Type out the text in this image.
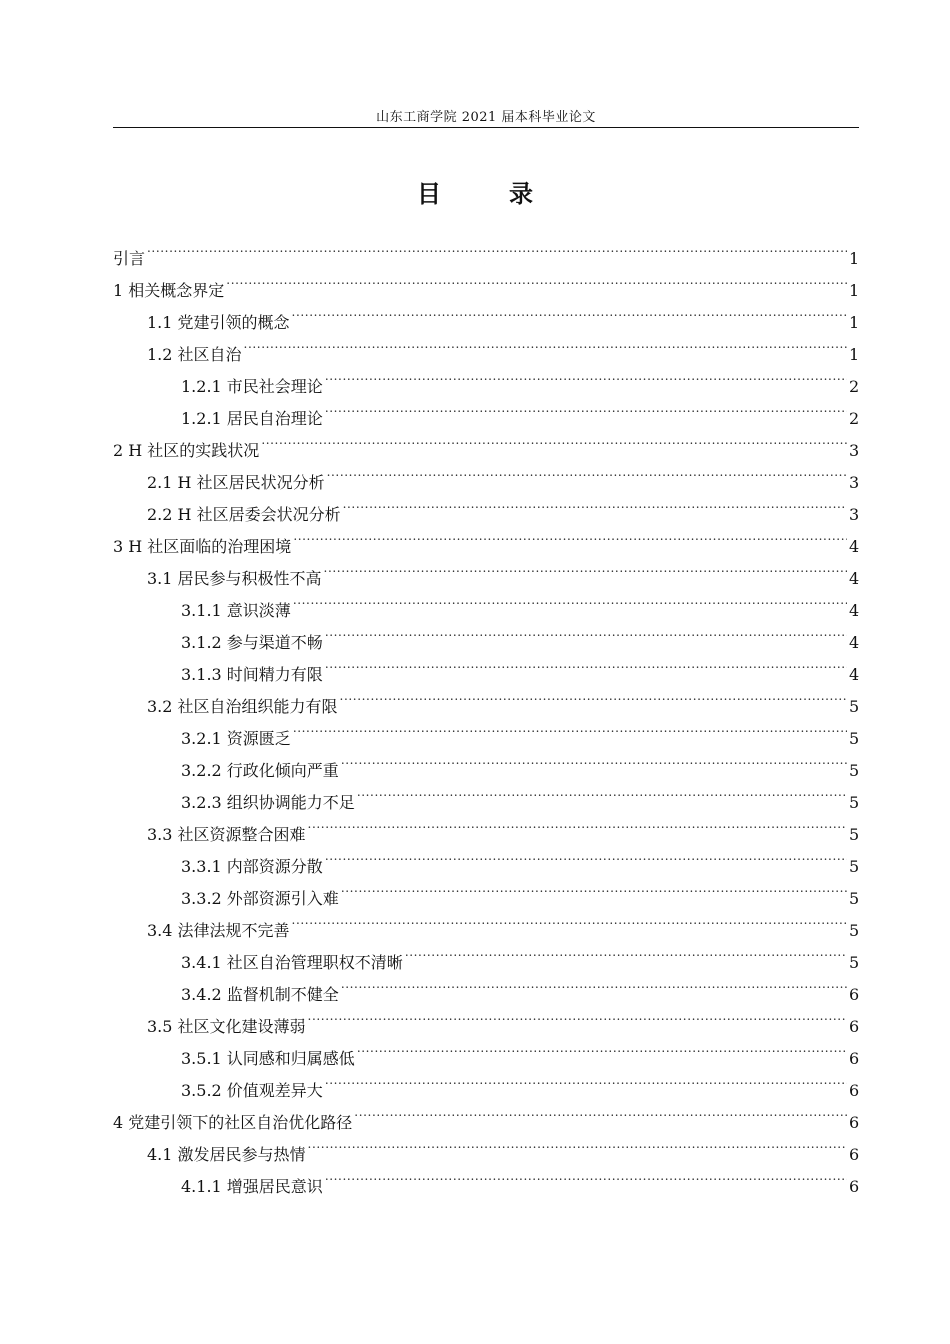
山东工商学院 2021 届本科毕业论文
目　录
引言 .....	1
1 相关概念界定 .....	1
1.1 党建引领的概念 .....	1
1.2 社区自治 .....	1
1.2.1 市民社会理论 .....	2
1.2.1 居民自治理论 .....	2
2 H 社区的实践状况 .....	3
2.1 H 社区居民状况分析 .....	3
2.2 H 社区居委会状况分析 .....	3
3 H 社区面临的治理困境 .....	4
3.1 居民参与积极性不高 .....	4
3.1.1 意识淡薄 .....	4
3.1.2 参与渠道不畅 .....	4
3.1.3 时间精力有限 .....	4
3.2 社区自治组织能力有限 .....	5
3.2.1 资源匮乏 .....	5
3.2.2 行政化倾向严重 .....	5
3.2.3 组织协调能力不足 .....	5
3.3 社区资源整合困难 .....	5
3.3.1 内部资源分散 .....	5
3.3.2 外部资源引入难 .....	5
3.4 法律法规不完善 .....	5
3.4.1 社区自治管理职权不清晰 .....	5
3.4.2 监督机制不健全 .....	6
3.5 社区文化建设薄弱 .....	6
3.5.1 认同感和归属感低 .....	6
3.5.2 价值观差异大 .....	6
4 党建引领下的社区自治优化路径 .....	6
4.1 激发居民参与热情 .....	6
4.1.1 增强居民意识 .....	6
